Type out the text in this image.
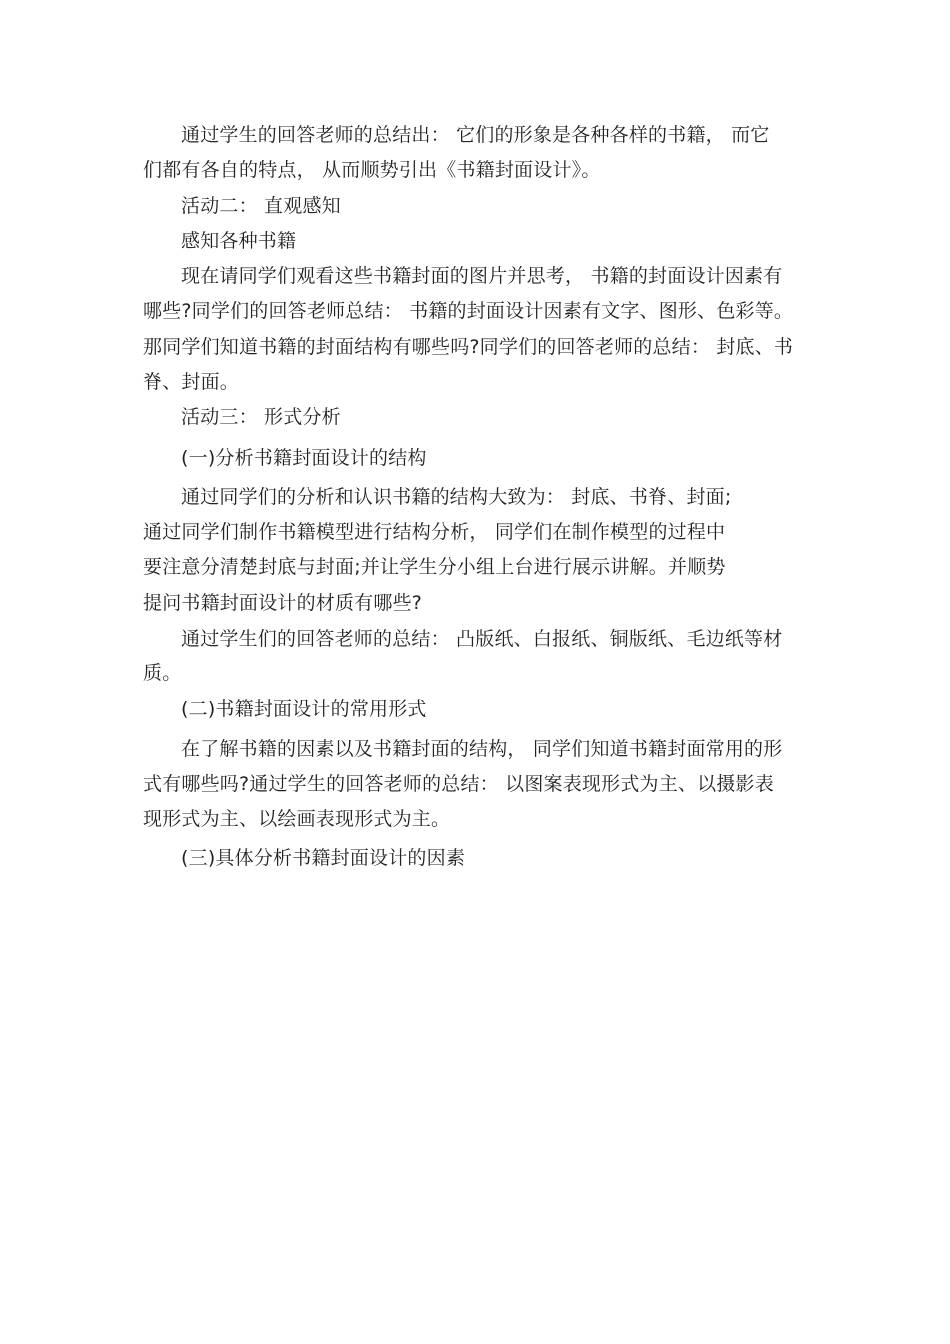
通过学生的回答老师的总结出： 它们的形象是各种各样的书籍， 而它
们都有各自的特点， 从而顺势引出《书籍封面设计》。
活动二： 直观感知
感知各种书籍
现在请同学们观看这些书籍封面的图片并思考， 书籍的封面设计因素有
哪些?同学们的回答老师总结： 书籍的封面设计因素有文字、图形、色彩等。
那同学们知道书籍的封面结构有哪些吗?同学们的回答老师的总结： 封底、书
脊、封面。
活动三： 形式分析
(一)分析书籍封面设计的结构
通过同学们的分析和认识书籍的结构大致为： 封底、书脊、封面;
通过同学们制作书籍模型进行结构分析， 同学们在制作模型的过程中
要注意分清楚封底与封面;并让学生分小组上台进行展示讲解。并顺势
提问书籍封面设计的材质有哪些?
通过学生们的回答老师的总结： 凸版纸、白报纸、铜版纸、毛边纸等材
质。
(二)书籍封面设计的常用形式
在了解书籍的因素以及书籍封面的结构， 同学们知道书籍封面常用的形
式有哪些吗?通过学生的回答老师的总结： 以图案表现形式为主、以摄影表
现形式为主、以绘画表现形式为主。
(三)具体分析书籍封面设计的因素
